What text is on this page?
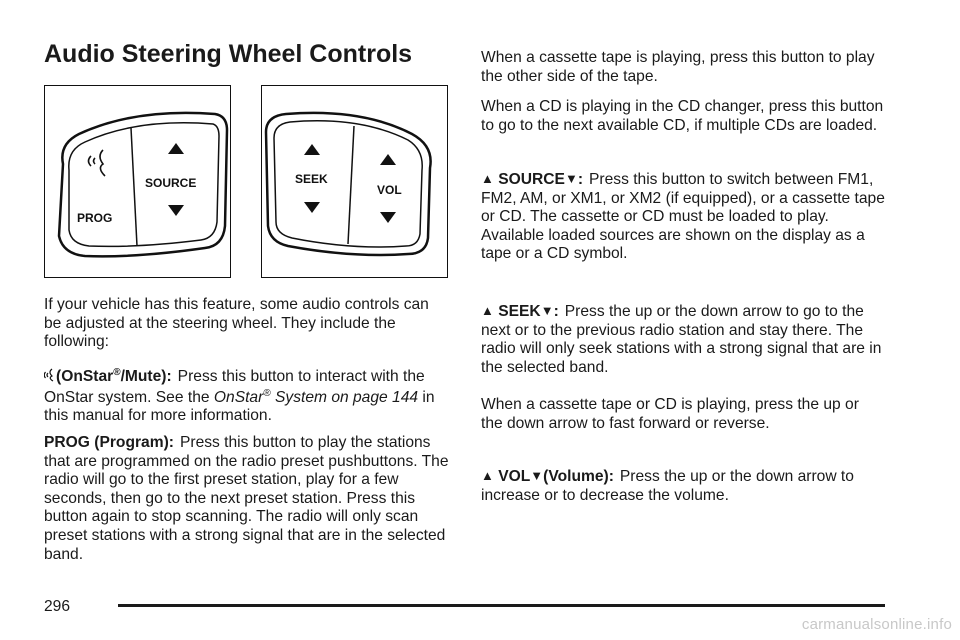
Audio Steering Wheel Controls
SOURCE
PROG
SEEK
VOL

If your vehicle has this feature, some audio controls can be adjusted at the steering wheel. They include the following:

(OnStar®/Mute): Press this button to interact with the OnStar system. See the OnStar® System on page 144 in this manual for more information.

PROG (Program): Press this button to play the stations that are programmed on the radio preset pushbuttons. The radio will go to the first preset station, play for a few seconds, then go to the next preset station. Press this button again to stop scanning. The radio will only scan preset stations with a strong signal that are in the selected band.

When a cassette tape is playing, press this button to play the other side of the tape.

When a CD is playing in the CD changer, press this button to go to the next available CD, if multiple CDs are loaded.

▲ SOURCE▼: Press this button to switch between FM1, FM2, AM, or XM1, or XM2 (if equipped), or a cassette tape or CD. The cassette or CD must be loaded to play. Available loaded sources are shown on the display as a tape or a CD symbol.

▲ SEEK▼: Press the up or the down arrow to go to the next or to the previous radio station and stay there. The radio will only seek stations with a strong signal that are in the selected band.

When a cassette tape or CD is playing, press the up or the down arrow to fast forward or reverse.

▲ VOL▼(Volume): Press the up or the down arrow to increase or to decrease the volume.

296
carmanualsonline.info
